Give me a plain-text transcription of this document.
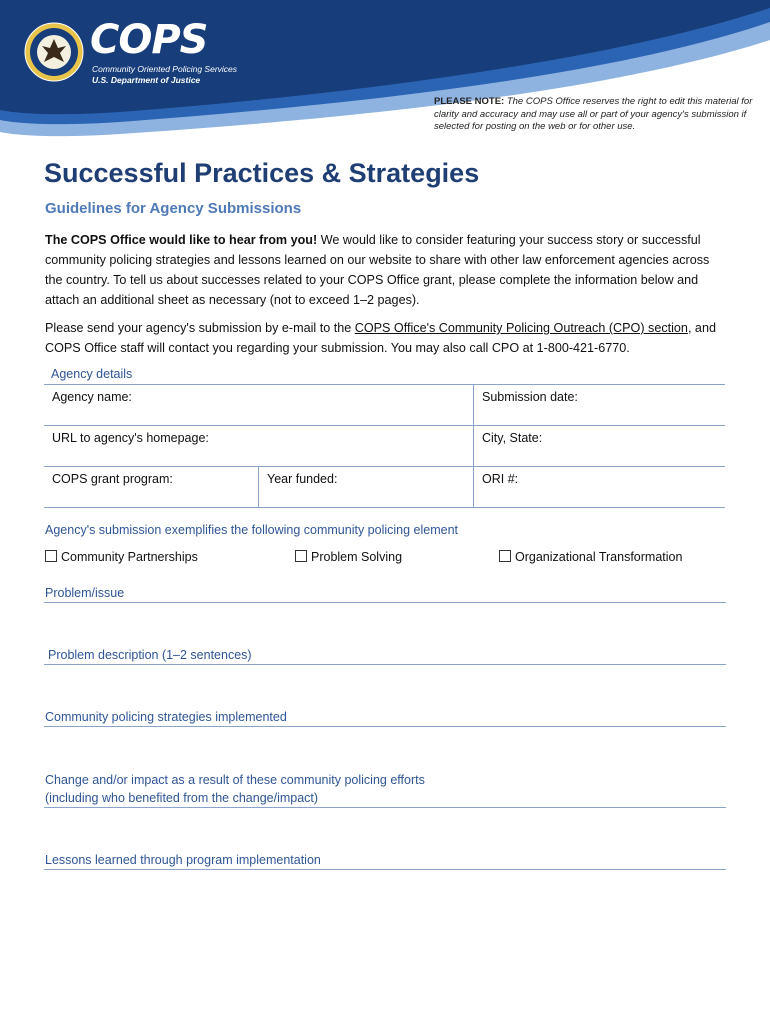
COPS
Community Oriented Policing Services
U.S. Department of Justice
PLEASE NOTE: The COPS Office reserves the right to edit this material for clarity and accuracy and may use all or part of your agency's submission if selected for posting on the web or for other use.
Successful Practices & Strategies
Guidelines for Agency Submissions

The COPS Office would like to hear from you! We would like to consider featuring your success story or successful community policing strategies and lessons learned on our website to share with other law enforcement agencies across the country. To tell us about successes related to your COPS Office grant, please complete the information below and attach an additional sheet as necessary (not to exceed 1–2 pages).

Please send your agency's submission by e-mail to the COPS Office's Community Policing Outreach (CPO) section, and COPS Office staff will contact you regarding your submission. You may also call CPO at 1-800-421-6770.

Agency details
Agency name:	Submission date:
URL to agency's homepage:	City, State:
COPS grant program:	Year funded:	ORI #:
Agency's submission exemplifies the following community policing element
Community Partnerships	Problem Solving	Organizational Transformation
Problem/issue
Problem description (1–2 sentences)
Community policing strategies implemented
Change and/or impact as a result of these community policing efforts
(including who benefited from the change/impact)
Lessons learned through program implementation
